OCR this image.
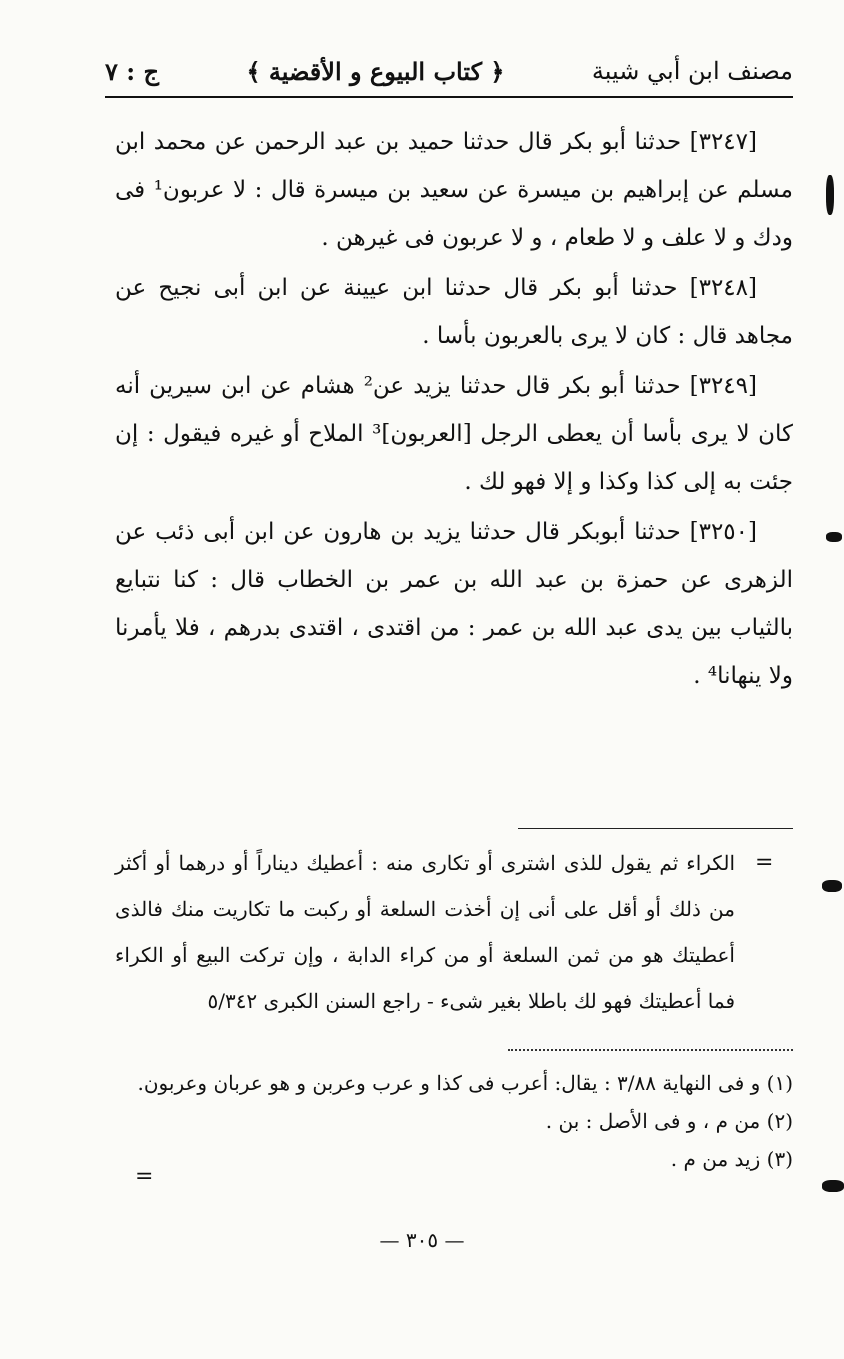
مصنف ابن أبي شيبة
﴿ كتاب البيوع و الأقضية ﴾
ج : ٧

[٣٢٤٧] حدثنا أبو بكر قال حدثنا حميد بن عبد الرحمن عن محمد ابن مسلم عن إبراهيم بن ميسرة عن سعيد بن ميسرة قال : لا عربون¹ فى ودك و لا علف و لا طعام ، و لا عربون فى غيرهن .

[٣٢٤٨] حدثنا أبو بكر قال حدثنا ابن عيينة عن ابن أبى نجيح عن مجاهد قال : كان لا يرى بالعربون بأسا .

[٣٢٤٩] حدثنا أبو بكر قال حدثنا يزيد عن² هشام عن ابن سيرين أنه كان لا يرى بأسا أن يعطى الرجل [العربون]³ الملاح أو غيره فيقول : إن جئت به إلى كذا وكذا و إلا فهو لك .

[٣٢٥٠] حدثنا أبوبكر قال حدثنا يزيد بن هارون عن ابن أبى ذئب عن الزهرى عن حمزة بن عبد الله بن عمر بن الخطاب قال : كنا نتبايع بالثياب بين يدى عبد الله بن عمر : من اقتدى ، اقتدى بدرهم ، فلا يأمرنا ولا ينهانا⁴ .

=
الكراء ثم يقول للذى اشترى أو تكارى منه : أعطيك ديناراً أو درهما أو أكثر من ذلك أو أقل على أنى إن أخذت السلعة أو ركبت ما تكاريت منك فالذى أعطيتك هو من ثمن السلعة أو من كراء الدابة ، وإن تركت البيع أو الكراء فما أعطيتك فهو لك باطلا بغير شىء - راجع السنن الكبرى ٥/٣٤٢
(١) و فى النهاية ٣/٨٨ : يقال: أعرب فى كذا و عرب وعربن و هو عربان وعربون.
(٢) من م ، و فى الأصل : بن .
(٣) زيد من م .
=
— ٣٠٥ —
